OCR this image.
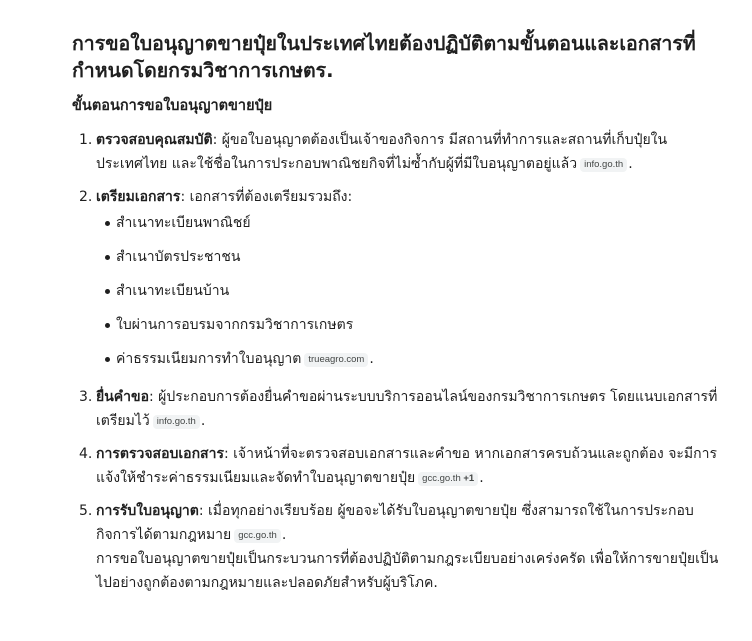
การขอใบอนุญาตขายปุ๋ยในประเทศไทยต้องปฏิบัติตามขั้นตอนและเอกสารที่กำหนดโดยกรมวิชาการเกษตร.
ขั้นตอนการขอใบอนุญาตขายปุ๋ย
1. ตรวจสอบคุณสมบัติ: ผู้ขอใบอนุญาตต้องเป็นเจ้าของกิจการ มีสถานที่ทำการและสถานที่เก็บปุ๋ยในประเทศไทย และใช้ชื่อในการประกอบพาณิชยกิจที่ไม่ซ้ำกับผู้ที่มีใบอนุญาตอยู่แล้ว info.go.th .
2. เตรียมเอกสาร: เอกสารที่ต้องเตรียมรวมถึง:
สำเนาทะเบียนพาณิชย์
สำเนาบัตรประชาชน
สำเนาทะเบียนบ้าน
ใบผ่านการอบรมจากกรมวิชาการเกษตร
ค่าธรรมเนียมการทำใบอนุญาต trueagro.com .
3. ยื่นคำขอ: ผู้ประกอบการต้องยื่นคำขอผ่านระบบบริการออนไลน์ของกรมวิชาการเกษตร โดยแนบเอกสารที่เตรียมไว้ info.go.th .
4. การตรวจสอบเอกสาร: เจ้าหน้าที่จะตรวจสอบเอกสารและคำขอ หากเอกสารครบถ้วนและถูกต้อง จะมีการแจ้งให้ชำระค่าธรรมเนียมและจัดทำใบอนุญาตขายปุ๋ย gcc.go.th +1 .
5. การรับใบอนุญาต: เมื่อทุกอย่างเรียบร้อย ผู้ขอจะได้รับใบอนุญาตขายปุ๋ย ซึ่งสามารถใช้ในการประกอบกิจการได้ตามกฎหมาย gcc.go.th .
การขอใบอนุญาตขายปุ๋ยเป็นกระบวนการที่ต้องปฏิบัติตามกฎระเบียบอย่างเคร่งครัด เพื่อให้การขายปุ๋ยเป็นไปอย่างถูกต้องตามกฎหมายและปลอดภัยสำหรับผู้บริโภค.
